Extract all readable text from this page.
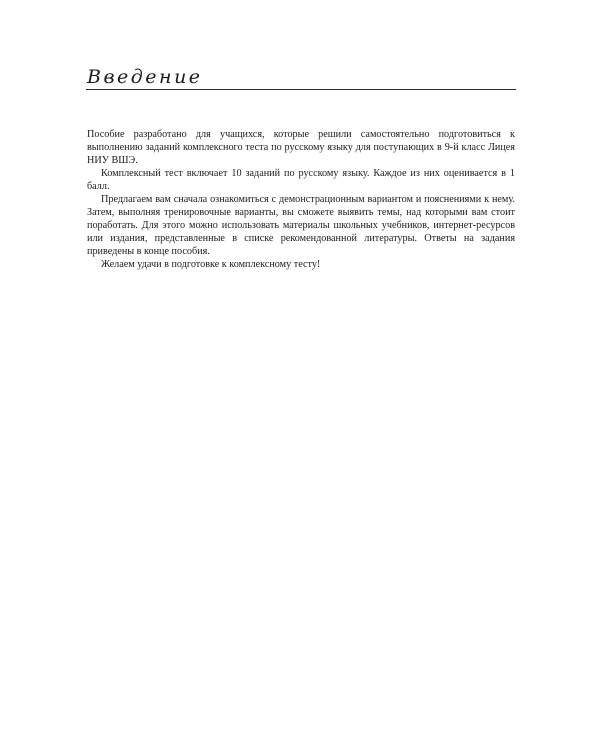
Введение

Пособие разработано для учащихся, которые решили самостоятельно подготовиться к выполнению заданий комплексного теста по русскому языку для поступающих в 9-й класс Лицея НИУ ВШЭ.

Комплексный тест включает 10 заданий по русскому языку. Каждое из них оценивается в 1 балл.

Предлагаем вам сначала ознакомиться с демонстрационным вариантом и пояснениями к нему. Затем, выполняя тренировочные варианты, вы сможете выявить темы, над которыми вам стоит поработать. Для этого можно использовать материалы школьных учебников, интернет-ресурсов или издания, представленные в списке рекомендованной литературы. Ответы на задания приведены в конце пособия.

Желаем удачи в подготовке к комплексному тесту!
